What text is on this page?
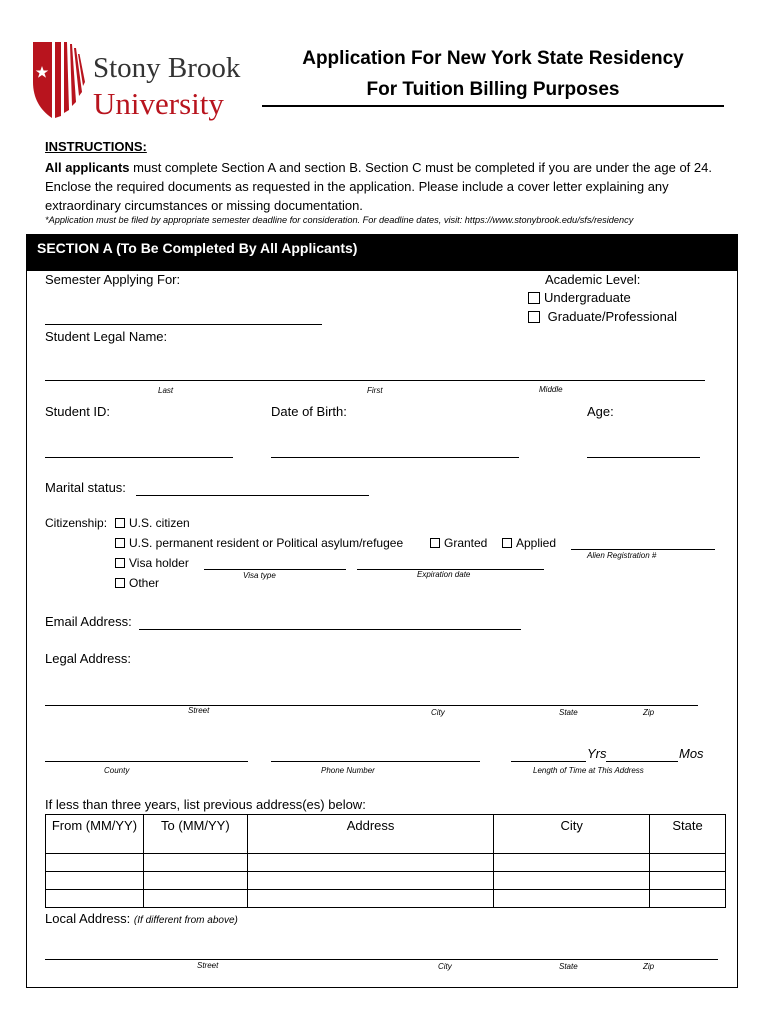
Stony Brook
University
Application For New York State Residency
For Tuition Billing Purposes
INSTRUCTIONS:
All applicants must complete Section A and section B. Section C must be completed if you are under the age of 24. Enclose the required documents as requested in the application. Please include a cover letter explaining any extraordinary circumstances or missing documentation.
*Application must be filed by appropriate semester deadline for consideration. For deadline dates, visit: https://www.stonybrook.edu/sfs/residency
SECTION A (To Be Completed By All Applicants)
Semester Applying For:	Academic Level:
Undergraduate
Graduate/Professional
Student Legal Name:
Last	First	Middle
Student ID:	Date of Birth:	Age:
Marital status:
Citizenship:	U.S. citizen
U.S. permanent resident or Political asylum/refugee	Granted	Applied
Alien Registration #
Visa holder
Visa type	Expiration date
Other
Email Address:
Legal Address:
Street	City	State	Zip
Yrs	Mos
County	Phone Number	Length of Time at This Address
If less than three years, list previous address(es) below:
From (MM/YY)	To (MM/YY)	Address	City	State

Local Address: (If different from above)
Street	City	State	Zip
